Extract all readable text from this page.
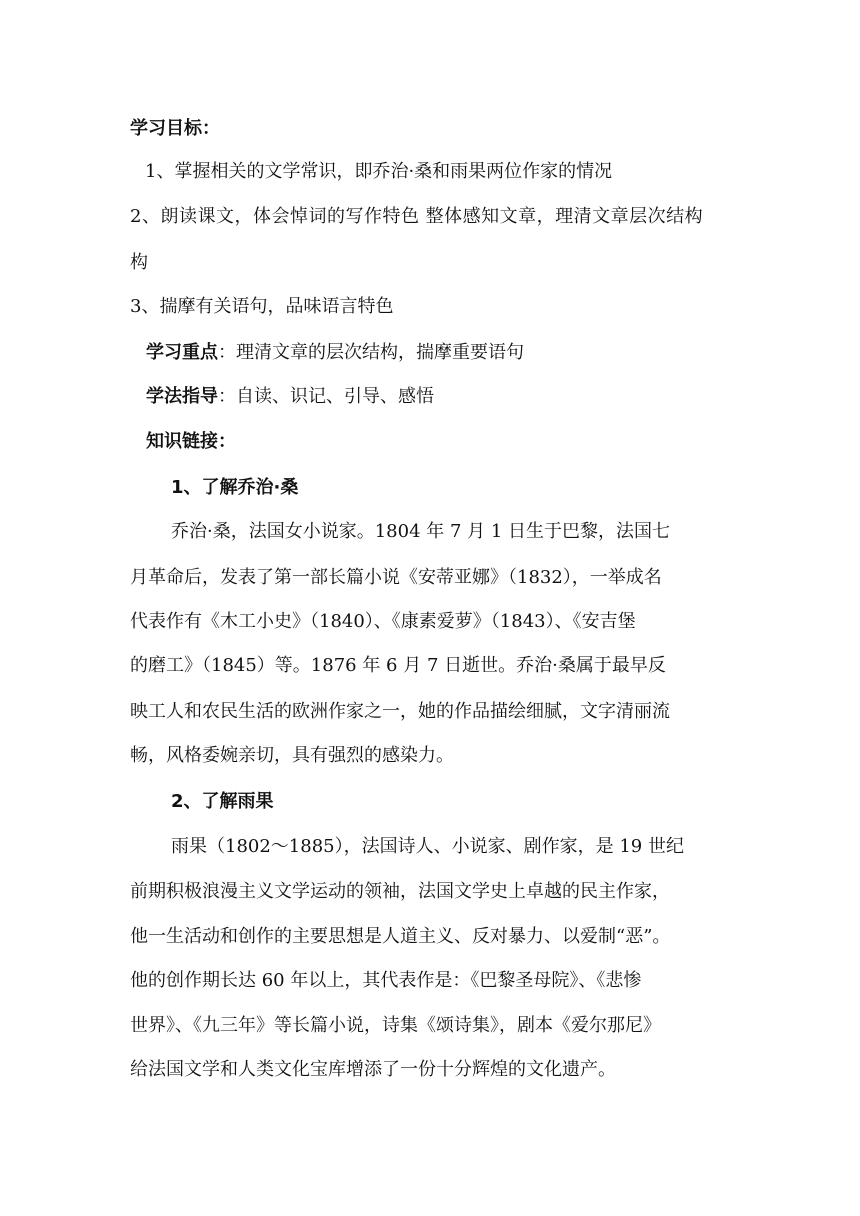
学习目标：
1、掌握相关的文学常识，即乔治·桑和雨果两位作家的情况
2、朗读课文，体会悼词的写作特色 整体感知文章，理清文章层次结构
构
3、揣摩有关语句，品味语言特色
学习重点：理清文章的层次结构，揣摩重要语句
学法指导：自读、识记、引导、感悟
知识链接：
1、了解乔治·桑
乔治·桑，法国女小说家。1804 年 7 月 1 日生于巴黎，法国七
月革命后，发表了第一部长篇小说《安蒂亚娜》（1832），一举成名
代表作有《木工小史》（1840）、《康素爱萝》（1843）、《安吉堡
的磨工》（1845）等。1876 年 6 月 7 日逝世。乔治·桑属于最早反
映工人和农民生活的欧洲作家之一，她的作品描绘细腻，文字清丽流
畅，风格委婉亲切，具有强烈的感染力。
2、了解雨果
雨果（1802～1885），法国诗人、小说家、剧作家，是 19 世纪
前期积极浪漫主义文学运动的领袖，法国文学史上卓越的民主作家，
他一生活动和创作的主要思想是人道主义、反对暴力、以爱制“恶”。
他的创作期长达 60 年以上，其代表作是：《巴黎圣母院》、《悲惨
世界》、《九三年》等长篇小说，诗集《颂诗集》，剧本《爱尔那尼》
给法国文学和人类文化宝库增添了一份十分辉煌的文化遗产。
